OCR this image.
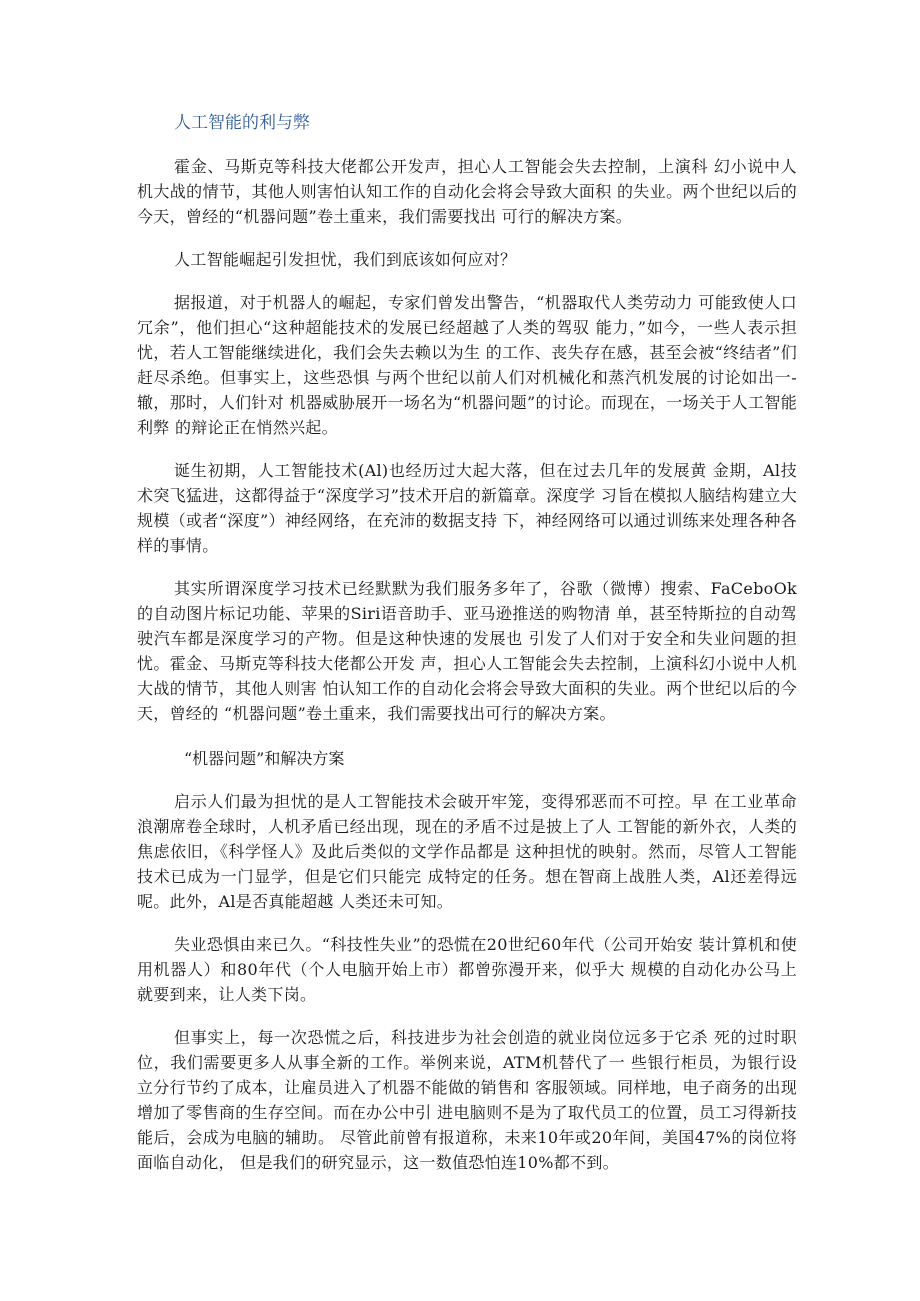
人工智能的利与弊

霍金、马斯克等科技大佬都公开发声，担心人工智能会失去控制，上演科 幻小说中人机大战的情节，其他人则害怕认知工作的自动化会将会导致大面积 的失业。两个世纪以后的今天，曾经的“机器问题”卷土重来，我们需要找出 可行的解决方案。

人工智能崛起引发担忧，我们到底该如何应对？

据报道，对于机器人的崛起，专家们曾发出警告，“机器取代人类劳动力 可能致使人口冗余”，他们担心“这种超能技术的发展已经超越了人类的驾驭 能力，”如今，一些人表示担忧，若人工智能继续进化，我们会失去赖以为生 的工作、丧失存在感，甚至会被“终结者”们赶尽杀绝。但事实上，这些恐惧 与两个世纪以前人们对机械化和蒸汽机发展的讨论如出一-辙，那时，人们针对 机器威胁展开一场名为“机器问题”的讨论。而现在，一场关于人工智能利弊 的辩论正在悄然兴起。

诞生初期，人工智能技术(Al)也经历过大起大落，但在过去几年的发展黄 金期，Al技术突飞猛进，这都得益于“深度学习”技术开启的新篇章。深度学 习旨在模拟人脑结构建立大规模（或者“深度”）神经网络，在充沛的数据支持 下，神经网络可以通过训练来处理各种各样的事情。

其实所谓深度学习技术已经默默为我们服务多年了，谷歌（微博）搜索、FaCeboOk的自动图片标记功能、苹果的Siri语音助手、亚马逊推送的购物清 单，甚至特斯拉的自动驾驶汽车都是深度学习的产物。但是这种快速的发展也 引发了人们对于安全和失业问题的担忧。霍金、马斯克等科技大佬都公开发 声，担心人工智能会失去控制，上演科幻小说中人机大战的情节，其他人则害 怕认知工作的自动化会将会导致大面积的失业。两个世纪以后的今天，曾经的 “机器问题”卷土重来，我们需要找出可行的解决方案。

“机器问题”和解决方案

启示人们最为担忧的是人工智能技术会破开牢笼，变得邪恶而不可控。早 在工业革命浪潮席卷全球时，人机矛盾已经出现，现在的矛盾不过是披上了人 工智能的新外衣，人类的焦虑依旧，《科学怪人》及此后类似的文学作品都是 这种担忧的映射。然而，尽管人工智能技术已成为一门显学，但是它们只能完 成特定的任务。想在智商上战胜人类，Al还差得远呢。此外，Al是否真能超越 人类还未可知。

失业恐惧由来已久。“科技性失业”的恐慌在20世纪60年代（公司开始安 装计算机和使用机器人）和80年代（个人电脑开始上市）都曾弥漫开来，似乎大 规模的自动化办公马上就要到来，让人类下岗。

但事实上，每一次恐慌之后，科技进步为社会创造的就业岗位远多于它杀 死的过时职位，我们需要更多人从事全新的工作。举例来说，ATM机替代了一 些银行柜员，为银行设立分行节约了成本，让雇员进入了机器不能做的销售和 客服领域。同样地，电子商务的出现增加了零售商的生存空间。而在办公中引 进电脑则不是为了取代员工的位置，员工习得新技能后，会成为电脑的辅助。 尽管此前曾有报道称，未来10年或20年间，美国47%的岗位将面临自动化， 但是我们的研究显示，这一数值恐怕连10%都不到。
